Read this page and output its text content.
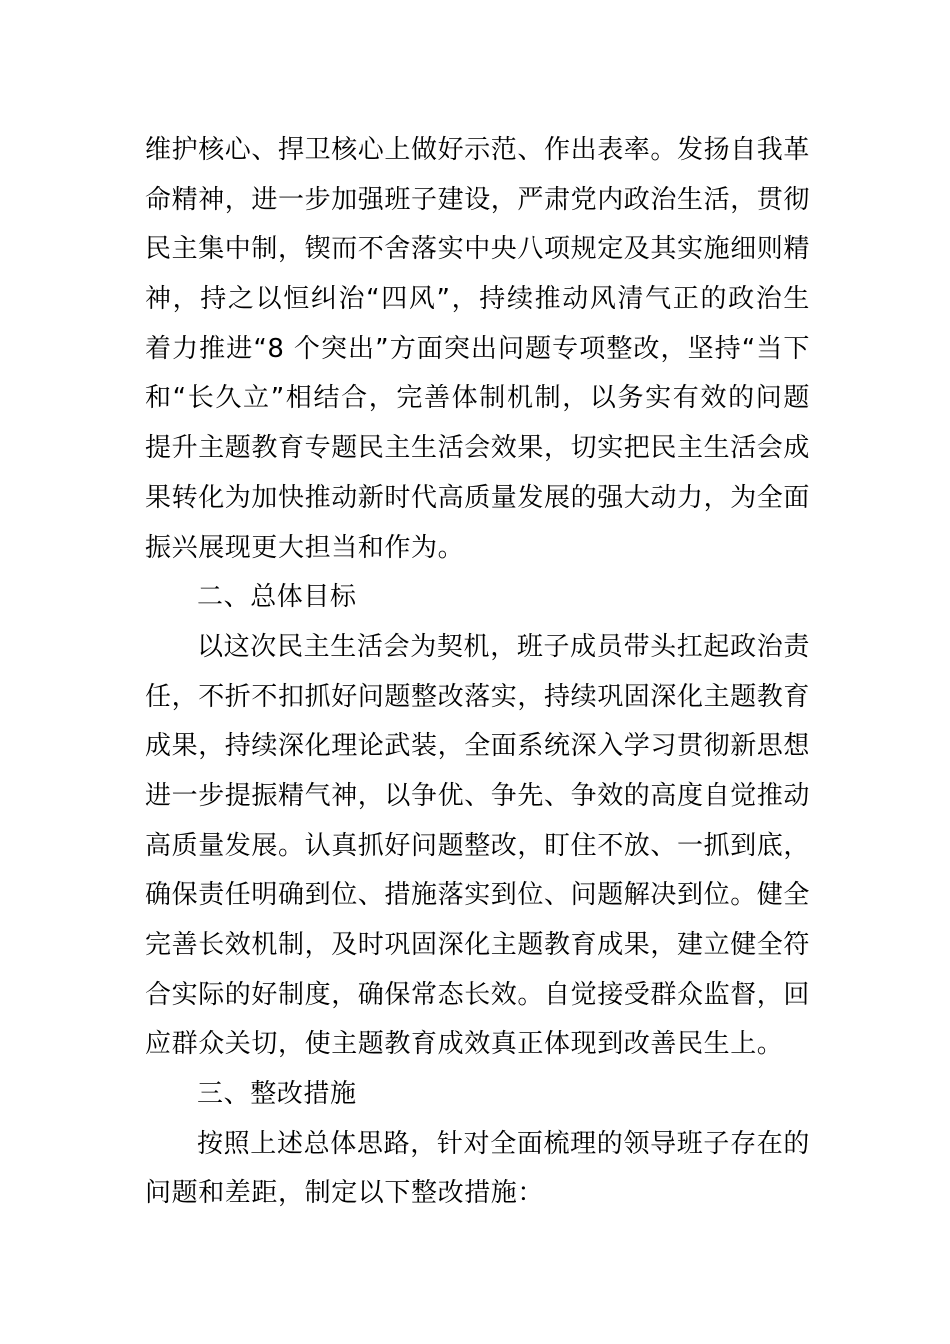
维护核心、捍卫核心上做好示范、作出表率。发扬自我革
命精神，进一步加强班子建设，严肃党内政治生活，贯彻
民主集中制，锲而不舍落实中央八项规定及其实施细则精
神，持之以恒纠治“四风”，持续推动风清气正的政治生
着力推进“8 个突出”方面突出问题专项整改，坚持“当下
和“长久立”相结合，完善体制机制，以务实有效的问题
提升主题教育专题民主生活会效果，切实把民主生活会成
果转化为加快推动新时代高质量发展的强大动力，为全面
振兴展现更大担当和作为。
二、总体目标
以这次民主生活会为契机，班子成员带头扛起政治责
任，不折不扣抓好问题整改落实，持续巩固深化主题教育
成果，持续深化理论武装，全面系统深入学习贯彻新思想
进一步提振精气神，以争优、争先、争效的高度自觉推动
高质量发展。认真抓好问题整改，盯住不放、一抓到底，
确保责任明确到位、措施落实到位、问题解决到位。健全
完善长效机制，及时巩固深化主题教育成果，建立健全符
合实际的好制度，确保常态长效。自觉接受群众监督，回
应群众关切，使主题教育成效真正体现到改善民生上。
三、整改措施
按照上述总体思路，针对全面梳理的领导班子存在的
问题和差距，制定以下整改措施：
